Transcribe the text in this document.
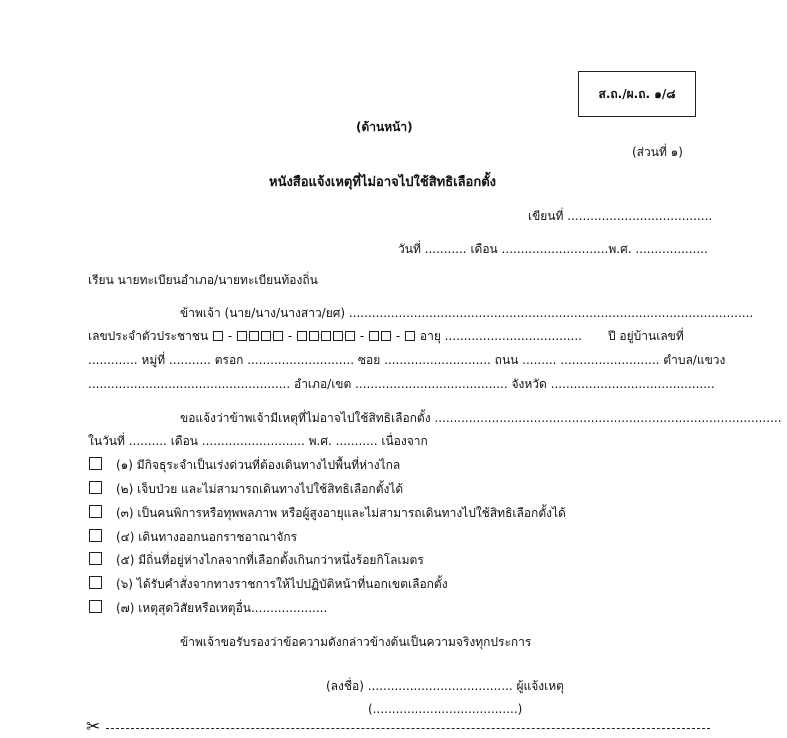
ส.ถ./ผ.ถ. ๑/๘
(ด้านหน้า)
(ส่วนที่ ๑)
หนังสือแจ้งเหตุที่ไม่อาจไปใช้สิทธิเลือกตั้ง
เขียนที่ ......................................
วันที่ ........... เดือน ............................พ.ศ. ...................
เรียน นายทะเบียนอำเภอ/นายทะเบียนท้องถิ่น
ข้าพเจ้า (นาย/นาง/นางสาว/ยศ) ..........................................................................................................
เลขประจำตัวประชาชน -	-	-	- อายุ .................................... ปี อยู่บ้านเลขที่
............. หมู่ที่ ........... ตรอก ............................ ซอย ............................ ถนน ......... .......................... ตำบล/แขวง
..................................................... อำเภอ/เขต ........................................ จังหวัด ...........................................
ขอแจ้งว่าข้าพเจ้ามีเหตุที่ไม่อาจไปใช้สิทธิเลือกตั้ง ...........................................................................................
ในวันที่ .......... เดือน ........................... พ.ศ. ........... เนื่องจาก
(๑) มีกิจธุระจำเป็นเร่งด่วนที่ต้องเดินทางไปพื้นที่ห่างไกล
(๒) เจ็บป่วย และไม่สามารถเดินทางไปใช้สิทธิเลือกตั้งได้
(๓) เป็นคนพิการหรือทุพพลภาพ หรือผู้สูงอายุและไม่สามารถเดินทางไปใช้สิทธิเลือกตั้งได้
(๔) เดินทางออกนอกราชอาณาจักร
(๕) มีถิ่นที่อยู่ห่างไกลจากที่เลือกตั้งเกินกว่าหนึ่งร้อยกิโลเมตร
(๖) ได้รับคำสั่งจากทางราชการให้ไปปฏิบัติหน้าที่นอกเขตเลือกตั้ง
(๗) เหตุสุดวิสัยหรือเหตุอื่น....................
ข้าพเจ้าขอรับรองว่าข้อความดังกล่าวข้างต้นเป็นความจริงทุกประการ
(ลงชื่อ) ...................................... ผู้แจ้งเหตุ
(......................................)
✂
